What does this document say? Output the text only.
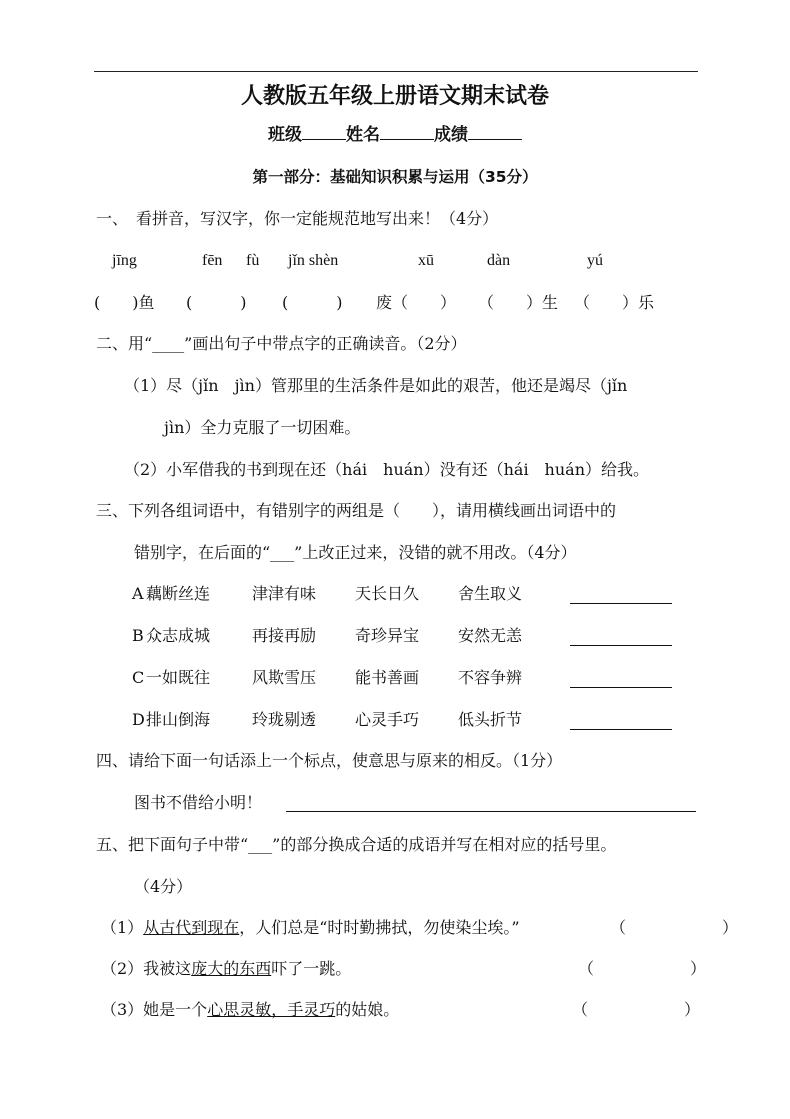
人教版五年级上册语文期末试卷
班级	姓名	成绩
第一部分：基础知识积累与运用（35分）
一、　看拼音，写汉字，你一定能规范地写出来！（4分）
jīng	fēn fù jǐn shèn	xū	dàn	yú
(　　)鱼 (　　　) (　　　) 废（　　） （　　）生 （　　）乐
二、用“____”画出句子中带点字的正确读音。（2分）
（1）尽（jǐn　jìn）管那里的生活条件是如此的艰苦，他还是竭尽（jǐn
jìn）全力克服了一切困难。
（2）小军借我的书到现在还（hái　huán）没有还（hái　huán）给我。
三、下列各组词语中，有错别字的两组是（　　），请用横线画出词语中的
错别字，在后面的“___”上改正过来，没错的就不用改。（4分）
A 藕断丝连	津津有味 天长日久 舍生取义
B 众志成城	再接再励 奇珍异宝 安然无恙
C 一如既往	风欺雪压 能书善画 不容争辨
D 排山倒海	玲珑剔透 心灵手巧 低头折节
四、请给下面一句话添上一个标点，使意思与原来的相反。（1分）
图书不借给小明！
五、把下面句子中带“___”的部分换成合适的成语并写在相对应的括号里。
（4分）
（1）从古代到现在，人们总是“时时勤拂拭，勿使染尘埃。”	（　　　　　　）
（2）我被这庞大的东西吓了一跳。	（　　　　　　）
（3）她是一个心思灵敏，手灵巧的姑娘。	（　　　　　　）
